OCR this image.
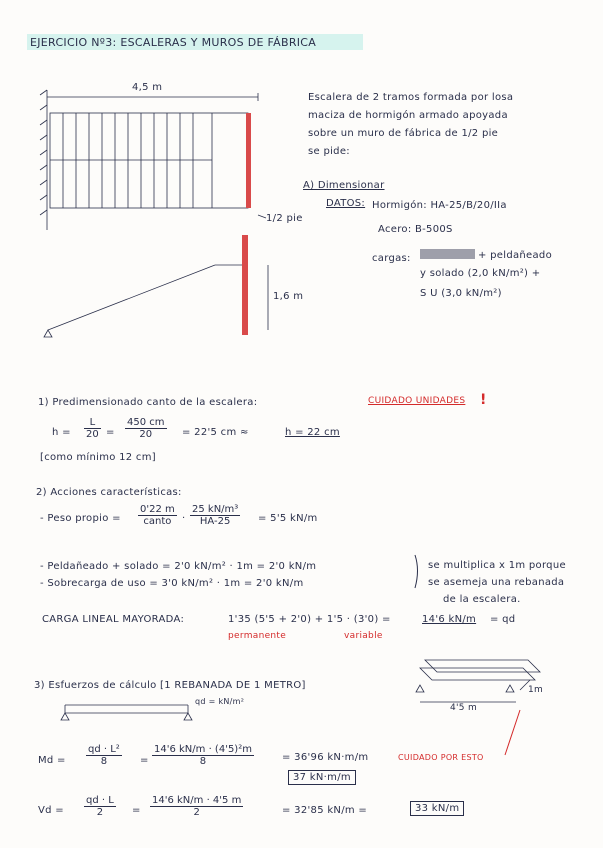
EJERCICIO Nº3: ESCALERAS Y MUROS DE FÁBRICA
4,5 m
1/2 pie
1,6 m
Escalera de 2 tramos formada por losa
maciza de hormigón armado apoyada
sobre un muro de fábrica de 1/2 pie
se pide:
A) Dimensionar
DATOS: Hormigón: HA-25/B/20/IIa
Acero: B-500S
cargas:	+ peldañeado
y solado (2,0 kN/m²) +
S U (3,0 kN/m²)
1) Predimensionado canto de la escalera:	CUIDADO UNIDADES !
$h = \frac{L}{20} = \frac{450 cm}{20} = 22'5$ cm ≈	h = 22 cm
[como mínimo 12 cm]
2) Acciones características:
- Peso propio =
0'22 m
canto	· $\frac{\text{25 kN/m³}}{HA-25} = 5'5$ kN/m
- Peldañeado + solado = 2'0 kN/m² · 1m = 2'0 kN/m
- Sobrecarga de uso = 3'0 kN/m² · 1m = 2'0 kN/m
se multiplica x 1m porque
se asemeja una rebanada
de la escalera.
CARGA LINEAL MAYORADA:	1'35 (5'5 + 2'0) + 1'5 · (3'0) =
permanente	variable
14'6 kN/m = qd
3) Esfuerzos de cálculo [1 REBANADA DE 1 METRO]
qd = kN/m²
4'5 m
1m
$Md = \frac{\text{qd · L²}}{8} = \frac{\text{14'6 kN/m · (4'5)²m}}{8}$	= 36'96 kN·m/m	CUIDADO POR ESTO
37 kN·m/m
$Vd = \frac{qd \cdot L}{2} = \frac{14'6 kN/m \cdot 4'5 m}{2}$	= 32'85 kN/m =	33 kN/m
